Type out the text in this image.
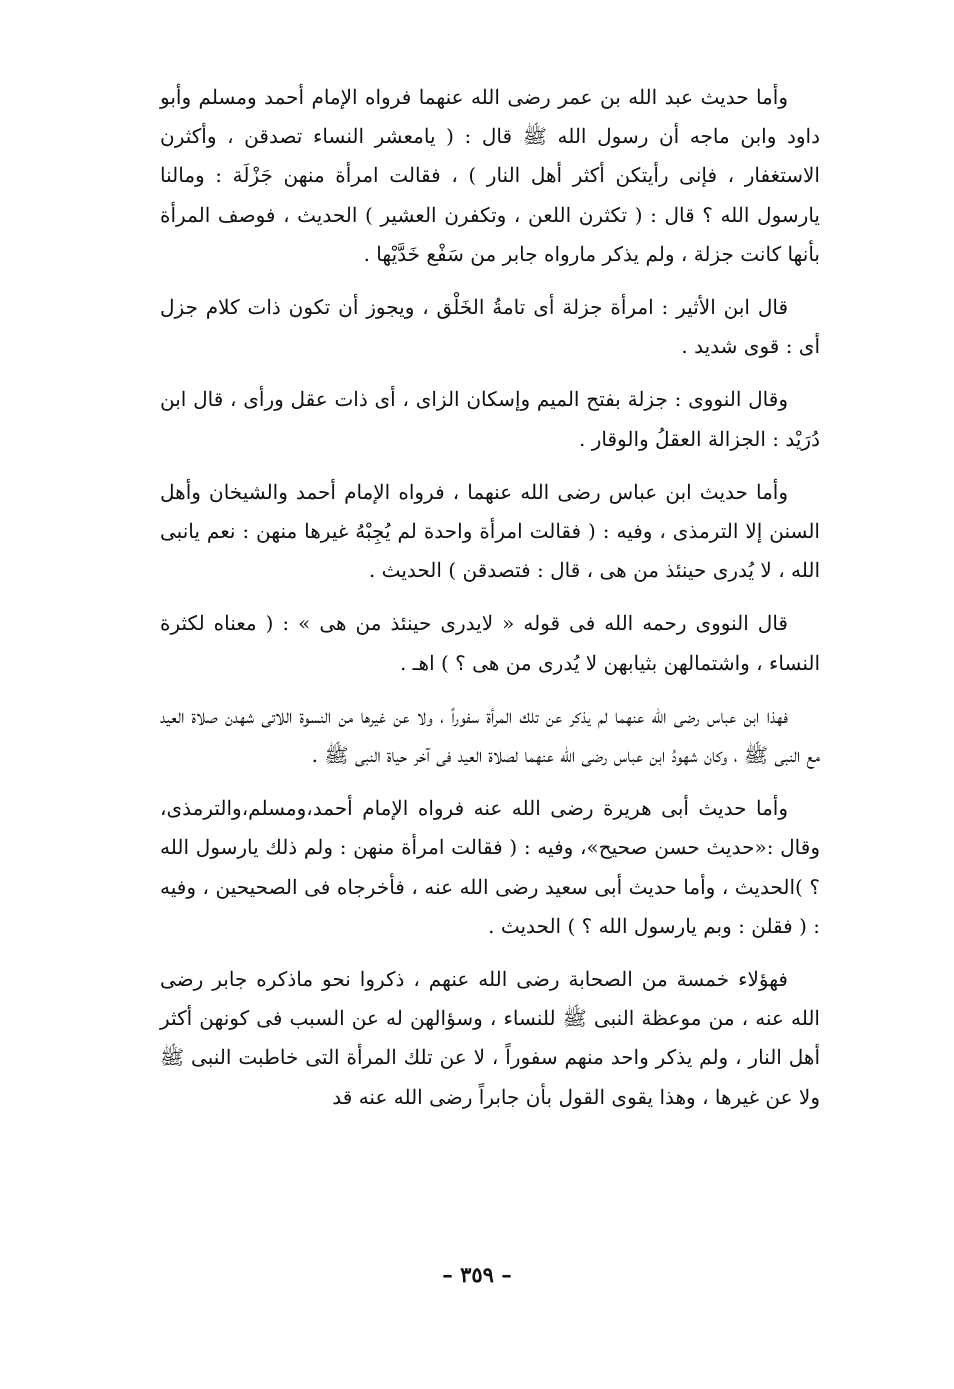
وأما حديث عبد الله بن عمر رضى الله عنهما فرواه الإمام أحمد ومسلم وأبو داود وابن ماجه أن رسول الله ﷺ قال : ( يامعشر النساء تصدقن ، وأكثرن الاستغفار ، فإنى رأيتكن أكثر أهل النار ) ، فقالت امرأة منهن جَزْلَة : ومالنا يارسول الله ؟ قال : ( تكثرن اللعن ، وتكفرن العشير ) الحديث ، فوصف المرأة بأنها كانت جزلة ، ولم يذكر مارواه جابر من سَفْع خَدَّيْها .

قال ابن الأثير : امرأة جزلة أى تامةُ الخَلْق ، ويجوز أن تكون ذات كلام جزل أى : قوى شديد .

وقال النووى : جزلة بفتح الميم وإسكان الزاى ، أى ذات عقل ورأى ، قال ابن دُرَيْد : الجزالة العقلُ والوقار .

وأما حديث ابن عباس رضى الله عنهما ، فرواه الإمام أحمد والشيخان وأهل السنن إلا الترمذى ، وفيه : ( فقالت امرأة واحدة لم يُجِبْهُ غيرها منهن : نعم يانبى الله ، لا يُدرى حينئذ من هى ، قال : فتصدقن ) الحديث .

قال النووى رحمه الله فى قوله « لايدرى حينئذ من هى » : ( معناه لكثرة النساء ، واشتمالهن بثيابهن لا يُدرى من هى ؟ ) اهـ .

فهذا ابن عباس رضى الله عنهما لم يذكر عن تلك المرأة سفوراً ، ولا عن غيرها من النسوة اللاتى شهدن صلاة العيد مع النبى ﷺ ، وكان شهودُ ابن عباس رضى الله عنهما لصلاة العيد فى آخر حياة النبى ﷺ .

وأما حديث أبى هريرة رضى الله عنه فرواه الإمام أحمد،ومسلم،والترمذى، وقال :«حديث حسن صحيح»، وفيه : ( فقالت امرأة منهن : ولم ذلك يارسول الله ؟ )الحديث ، وأما حديث أبى سعيد رضى الله عنه ، فأخرجاه فى الصحيحين ، وفيه : ( فقلن : وبم يارسول الله ؟ ) الحديث .

فهؤلاء خمسة من الصحابة رضى الله عنهم ، ذكروا نحو ماذكره جابر رضى الله عنه ، من موعظة النبى ﷺ للنساء ، وسؤالهن له عن السبب فى كونهن أكثر أهل النار ، ولم يذكر واحد منهم سفوراً ، لا عن تلك المرأة التى خاطبت النبى ﷺ ولا عن غيرها ، وهذا يقوى القول بأن جابراً رضى الله عنه قد

– ٣٥٩ –
